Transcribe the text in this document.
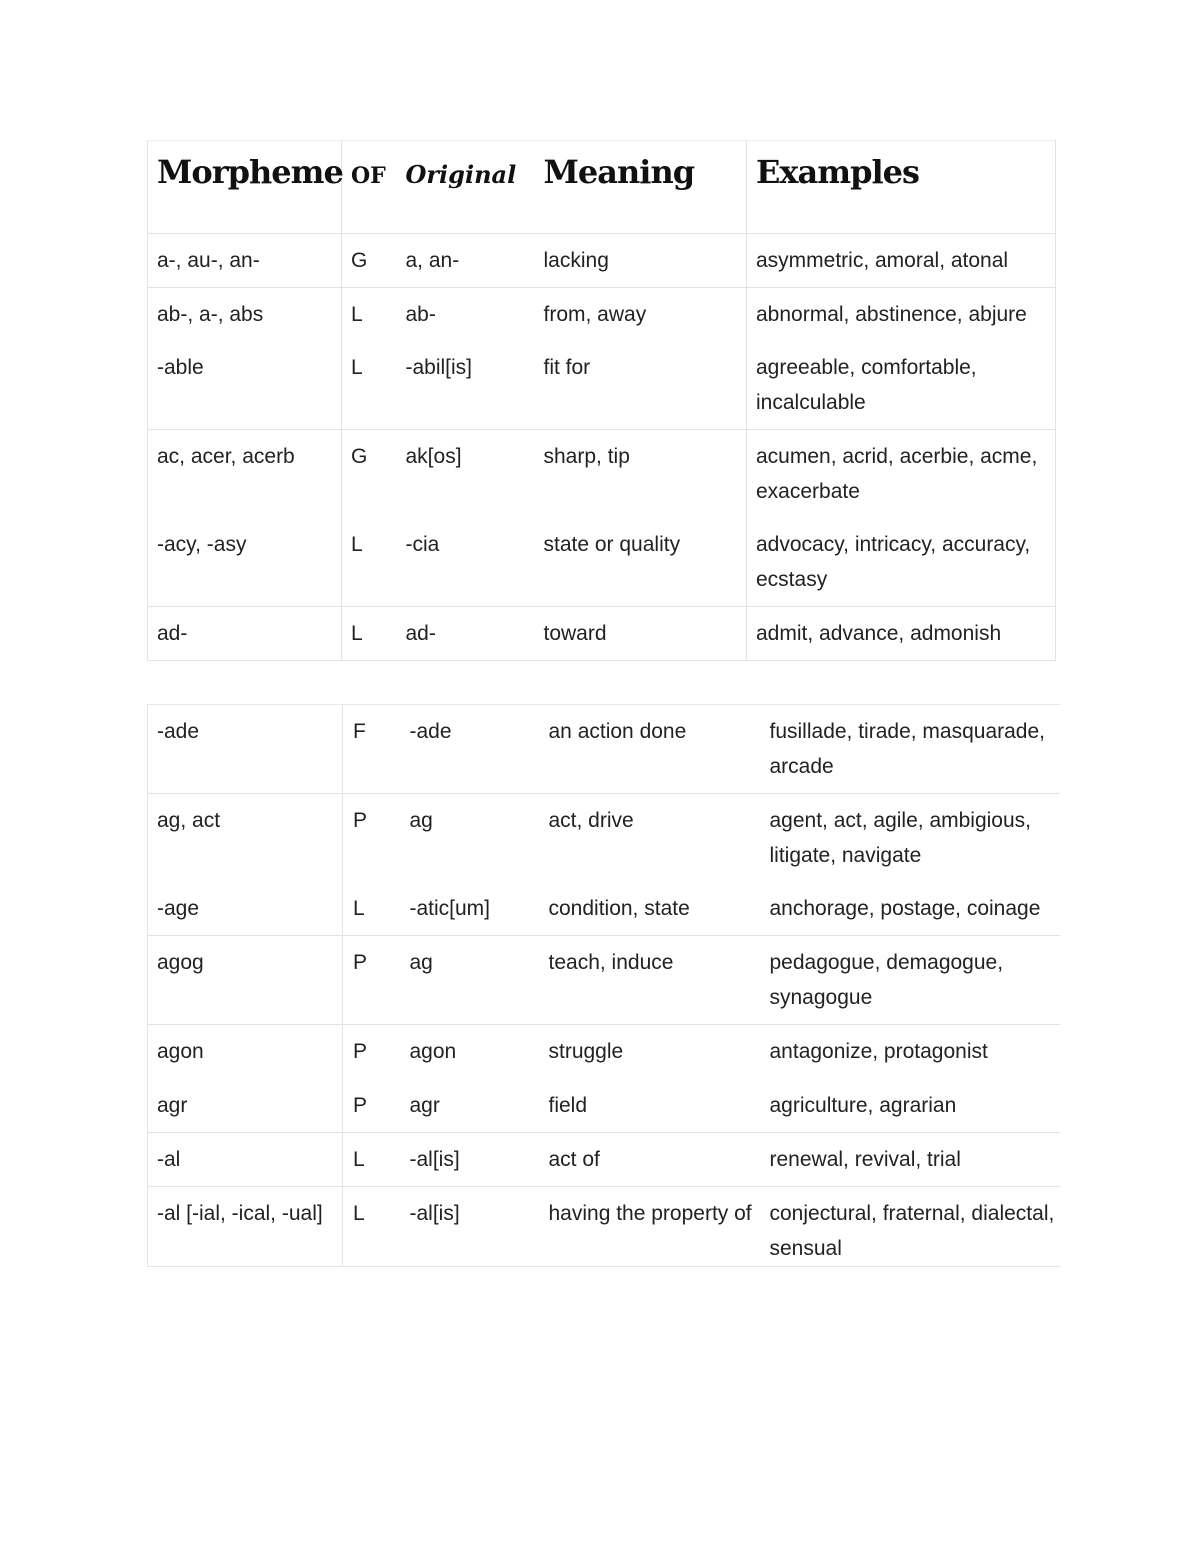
Morpheme	OF	Original	Meaning	Examples
a-, au-, an-	G	a, an-	lacking	asymmetric, amoral, atonal
ab-, a-, abs	L	ab-	from, away	abnormal, abstinence, abjure
-able	L	-abil[is]	fit for	agreeable, comfortable, incalculable
ac, acer, acerb	G	ak[os]	sharp, tip	acumen, acrid, acerbie, acme, exacerbate
-acy, -asy	L	-cia	state or quality	advocacy, intricacy, accuracy, ecstasy
ad-	L	ad-	toward	admit, advance, admonish
-ade	F	-ade	an action done	fusillade, tirade, masquarade, arcade
ag, act	P	ag	act, drive	agent, act, agile, ambigious, litigate, navigate
-age	L	-atic[um]	condition, state	anchorage, postage, coinage
agog	P	ag	teach, induce	pedagogue, demagogue, synagogue
agon	P	agon	struggle	antagonize, protagonist
agr	P	agr	field	agriculture, agrarian
-al	L	-al[is]	act of	renewal, revival, trial
-al [-ial, -ical, -ual]	L	-al[is]	having the property of	conjectural, fraternal, dialectal, sensual
